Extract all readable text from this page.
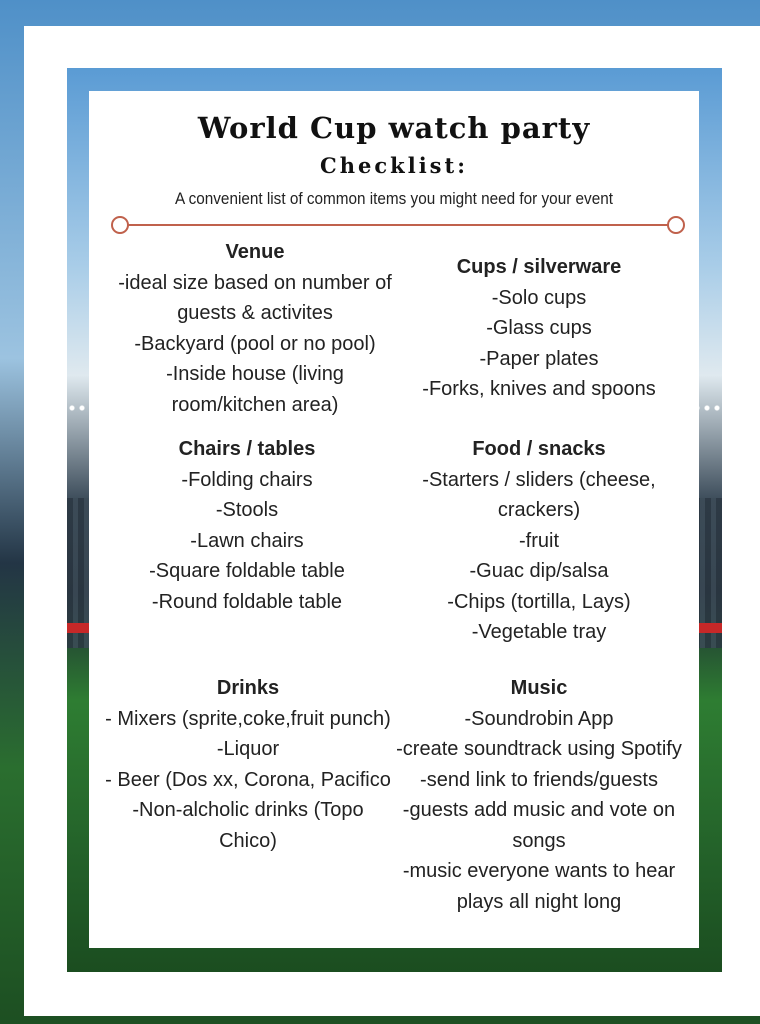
World Cup watch party
Checklist:
A convenient list of common items you might need for your event
Venue
-ideal size based on number of guests & activites
-Backyard (pool or no pool)
-Inside house (living room/kitchen area)
Cups / silverware
-Solo cups
-Glass cups
-Paper plates
-Forks, knives and spoons
Chairs / tables
-Folding chairs
-Stools
-Lawn chairs
-Square foldable table
-Round foldable table
Food / snacks
-Starters / sliders (cheese, crackers)
-fruit
-Guac dip/salsa
-Chips (tortilla, Lays)
-Vegetable tray
Drinks
- Mixers (sprite,coke,fruit punch)
-Liquor
- Beer (Dos xx, Corona, Pacifico
-Non-alcholic drinks (Topo Chico)
Music
-Soundrobin App
-create soundtrack using Spotify
-send link to friends/guests
-guests add music and vote on songs
-music everyone wants to hear plays all night long
